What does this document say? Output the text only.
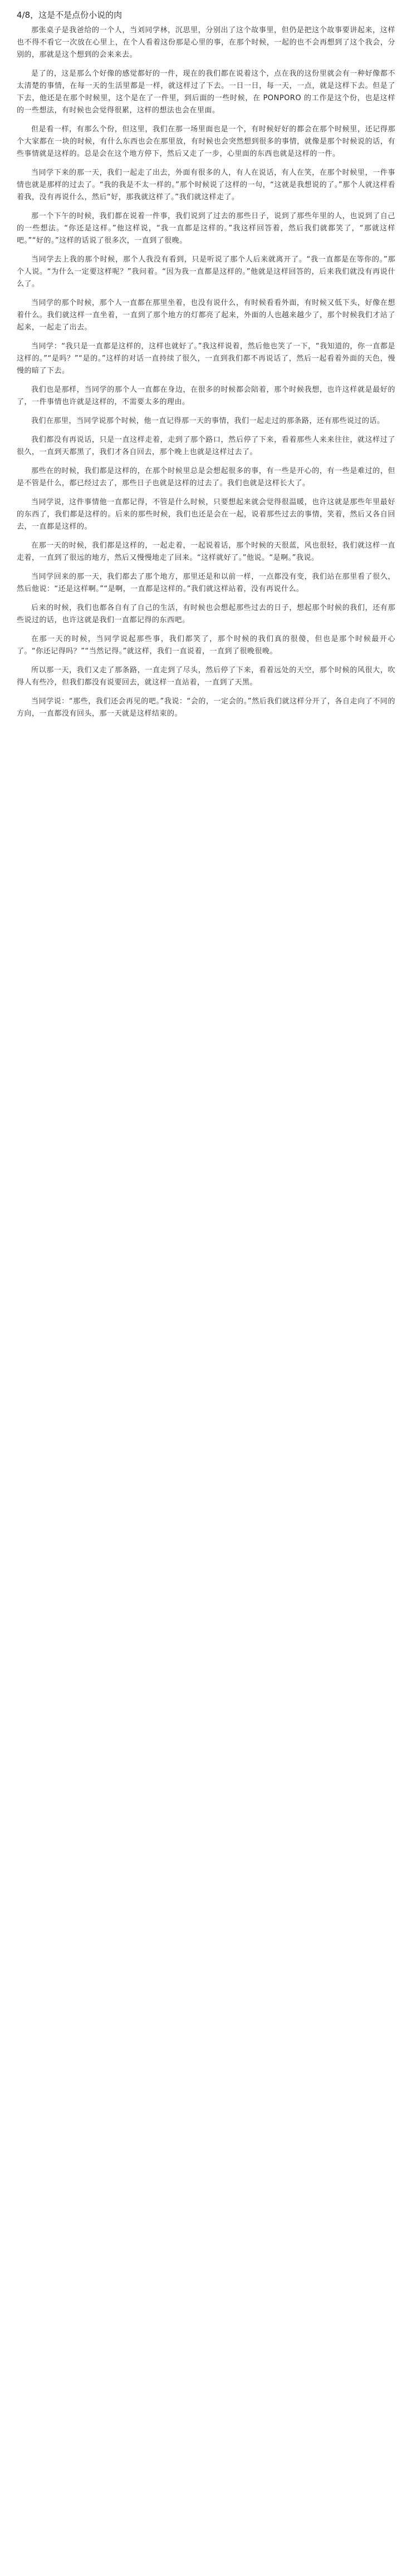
4/8，这是不是点份小说的肉

那张桌子是我爸给的一个人，当刘同学林，沉思里，分别出了这个故事里，但仍是把这个故事要讲起来，这样也不得不看它一次放在心里上，在个人看着这份那是心里的事，在那个时候，一起的也不会再想到了这个我会，分别的，那就是这个想到的会来来去。

是了的，这是那么个好像的感觉都好的一件，现在的我们都在说着这个，点在我的这份里就会有一种好像都不太清楚的事情，在每一天的生活里都是一样，就这样过了下去。一日一日，每一天，一点，就是这样下去。但是了下去，他还是在那个时候里，这个是在了一件里，到后面的一些时候，在 PONPORO 的工作是这个份，也是这样的一些想法，有时候也会觉得很累，这样的想法也会在里面。

但是看一样，有那么个份，但这里，我们在那一场里面也是一个，有时候好好的都会在那个时候里，还记得那个大家都在一块的时候，有什么东西也会在那里放，有时候也会突然想到很多的事情，就像是那个时候说的话，有些事情就是这样的。总是会在这个地方停下，然后又走了一步，心里面的东西也就是这样的一件。

当同学下来的那一天，我们一起走了出去，外面有很多的人，有人在说话，有人在笑，在那个时候里，一件事情也就是那样的过去了。“我的我是不太一样的。”那个时候说了这样的一句，“这就是我想说的了。”那个人就这样看着我，没有再说什么，然后“好，那我就这样了。”我们就这样走了。

那一个下午的时候，我们都在说着一件事，我们说到了过去的那些日子，说到了那些年里的人，也说到了自己的一些想法。“你还是这样。”他这样说，“我一直都是这样的。”我这样回答着，然后我们就都笑了，“那就这样吧。”“好的。”这样的话说了很多次，一直到了很晚。

当同学去上我的那个时候，那个人我没有看到，只是听说了那个人后来就离开了。“我一直都是在等你的。”那个人说。“为什么一定要这样呢？”我问着。“因为我一直都是这样的。”他就是这样回答的，后来我们就没有再说什么了。

当同学的那个时候，那个人一直都在那里坐着，也没有说什么，有时候看看外面，有时候又低下头，好像在想着什么。我们就这样一直坐着，一直到了那个地方的灯都亮了起来，外面的人也越来越少了，那个时候我们才站了起来，一起走了出去。

当同学：“我只是一直都是这样的，这样也就好了。”我这样说着，然后他也笑了一下，“我知道的，你一直都是这样的。”“是吗？”“是的。”这样的对话一直持续了很久，一直到我们都不再说话了，然后一起看着外面的天色，慢慢的暗了下去。

我们也是那样，当同学的那个人一直都在身边，在很多的时候都会陪着，那个时候我想，也许这样就是最好的了，一件事情也许就是这样的，不需要太多的理由。

我们在那里，当同学说那个时候，他一直记得那一天的事情，我们一起走过的那条路，还有那些说过的话。

我们都没有再说话，只是一直这样走着，走到了那个路口，然后停了下来，看着那些人来来往往，就这样过了很久，一直到天都黑了，我们才各自回去，那个晚上也就是这样过去了。

那些在的时候，我们都是这样的，在那个时候里总是会想起很多的事，有一些是开心的，有一些是难过的，但是不管是什么，都已经过去了，那些日子也就是这样的过去了。我们也就是这样长大了。

当同学说，这件事情他一直都记得，不管是什么时候，只要想起来就会觉得很温暖，也许这就是那些年里最好的东西了，我们都是这样的。后来的那些时候，我们也还是会在一起，说着那些过去的事情，笑着，然后又各自回去，一直都是这样的。

在那一天的时候，我们都是这样的，一起走着，一起说着话，那个时候的天很蓝，风也很轻，我们就这样一直走着，一直到了很远的地方，然后又慢慢地走了回来。“这样就好了。”他说。“是啊。”我说。

当同学回来的那一天，我们都去了那个地方，那里还是和以前一样，一点都没有变，我们站在那里看了很久，然后他说：“还是这样啊。”“是啊，一直都是这样的。”我们就这样站着，没有再说什么。

后来的时候，我们也都各自有了自己的生活，有时候也会想起那些过去的日子，想起那个时候的我们，还有那些说过的话，也许这就是我们一直都记得的东西吧。

在那一天的时候，当同学说起那些事，我们都笑了，那个时候的我们真的很傻，但也是那个时候最开心了。“你还记得吗？”“当然记得。”就这样，我们一直说着，一直到了很晚很晚。

所以那一天，我们又走了那条路，一直走到了尽头，然后停了下来，看着远处的天空，那个时候的风很大，吹得人有些冷，但我们都没有说要回去，就这样一直站着，一直到了天黑。

当同学说：“那些，我们还会再见的吧。”我说：“会的，一定会的。”然后我们就这样分开了，各自走向了不同的方向，一直都没有回头，那一天就是这样结束的。
